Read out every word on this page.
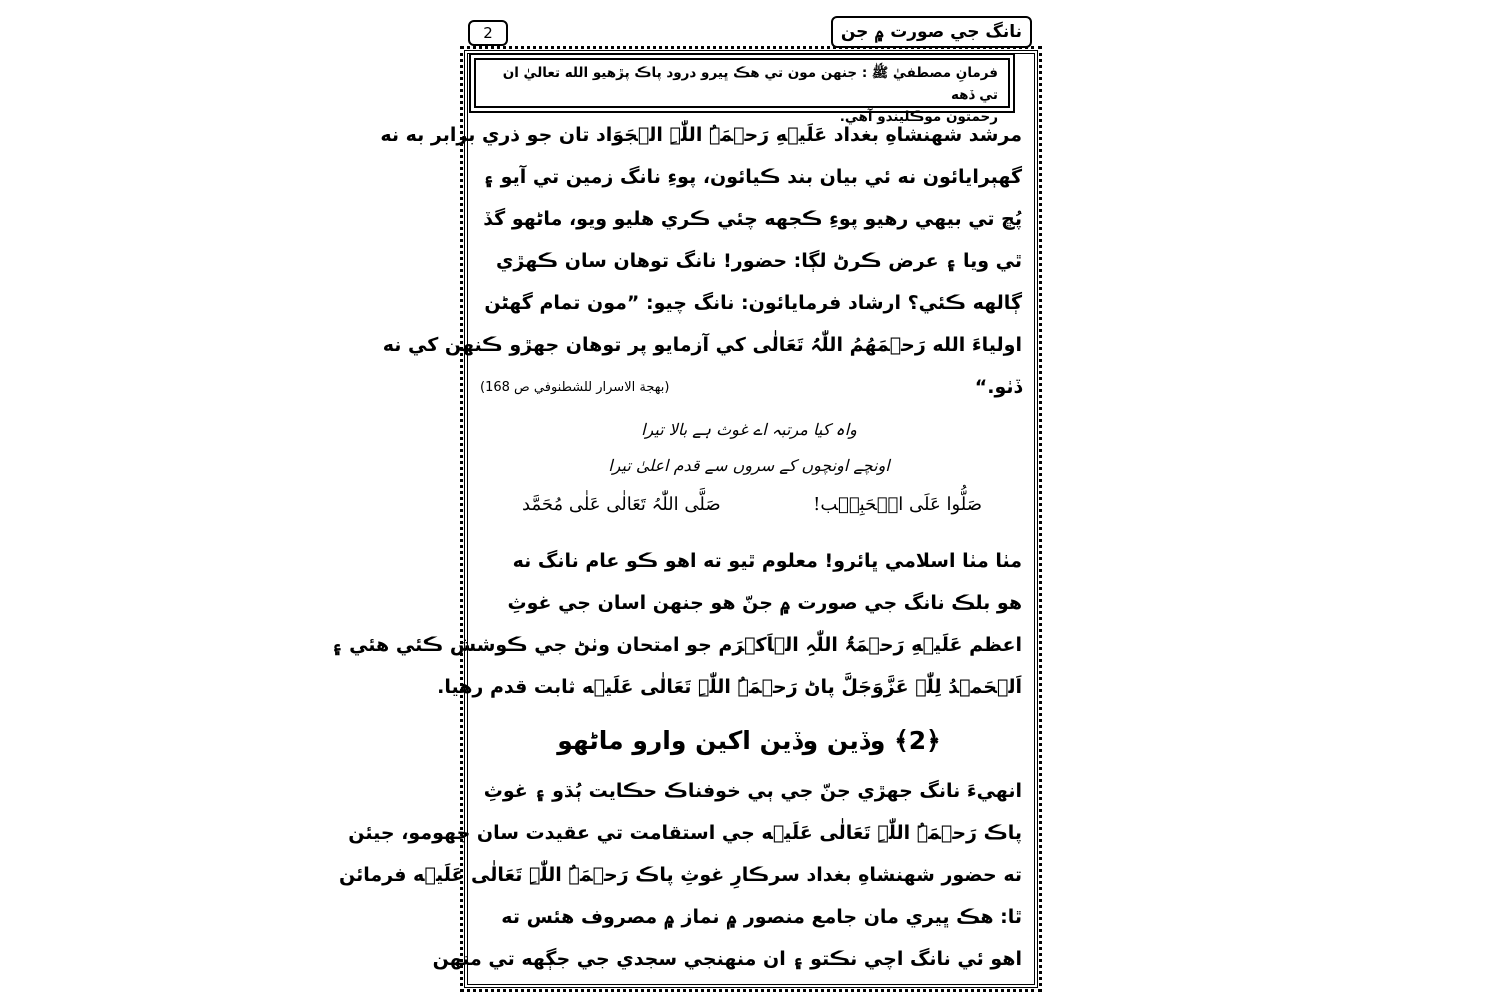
2	نانگ جي صورت ۾ جن
فرمانِ مصطفيٰ ﷺ : جنهن مون تي هڪ ڀيرو درود پاڪ پڙهيو الله تعاليٰ ان تي ڏهه
رحمتون موڪليندو آهي.

مرشد شهنشاهِ بغداد عَلَيۡهِ رَحۡمَۃُ اللّٰہِ الۡجَوَاد تان جو ذري برابر به نه

گهٻرايائون نه ئي بيان بند ڪيائون، پوءِ نانگ زمين تي آيو ۽

پُڇ تي بيهي رهيو پوءِ ڪجهه چئي ڪري هليو ويو، ماڻهو گڏ

ٿي ويا ۽ عرض ڪرڻ لڳا: حضور! نانگ توهان سان ڪهڙي

ڳالهه ڪئي؟ ارشاد فرمايائون: نانگ چيو: ”مون تمام گهڻن

اولياءَ الله رَحۡمَھُمُ اللّٰہُ تَعَالٰی کي آزمايو پر توهان جهڙو ڪنهن کي نه

ڏٺو.“

(بهجة الاسرار للشطنوفي ص 168)
واہ کیا مرتبہ اے غوث ہے بالا تیرا
اونچے اونچوں کے سروں سے قدم اعلیٰ تیرا
صَلُّوا عَلَی الۡحَبِیۡب!
صَلَّی اللّٰہُ تَعَالٰی عَلٰی مُحَمَّد

مٺا مٺا اسلامي ڀائرو! معلوم ٿيو ته اهو ڪو عام نانگ نه

هو بلڪ نانگ جي صورت ۾ جنّ هو جنهن اسان جي غوثِ

اعظم عَلَيۡهِ رَحۡمَۃُ اللّٰہِ الۡاَکۡرَم جو امتحان وٺڻ جي ڪوشش ڪئي هئي ۽

اَلۡحَمۡدُ لِلّٰہ عَزَّوَجَلَّ پاڻ رَحۡمَۃُ اللّٰہِ تَعَالٰی عَلَيۡه ثابت قدم رهيا.

﴿2﴾ وڏين وڏين اکين وارو ماڻهو

انهيءَ نانگ جهڙي جنّ جي ٻي خوفناڪ حڪايت ٻُڌو ۽ غوثِ

پاڪ رَحۡمَۃُ اللّٰہِ تَعَالٰی عَلَيۡه جي استقامت تي عقيدت سان جهومو، جيئن

ته حضور شهنشاهِ بغداد سرڪارِ غوثِ پاڪ رَحۡمَۃُ اللّٰہِ تَعَالٰی عَلَيۡه فرمائن

ٿا: هڪ ڀيري مان جامع منصور ۾ نماز ۾ مصروف هئس ته

اهو ئي نانگ اچي نڪتو ۽ ان منهنجي سجدي جي جڳهه تي منهن
